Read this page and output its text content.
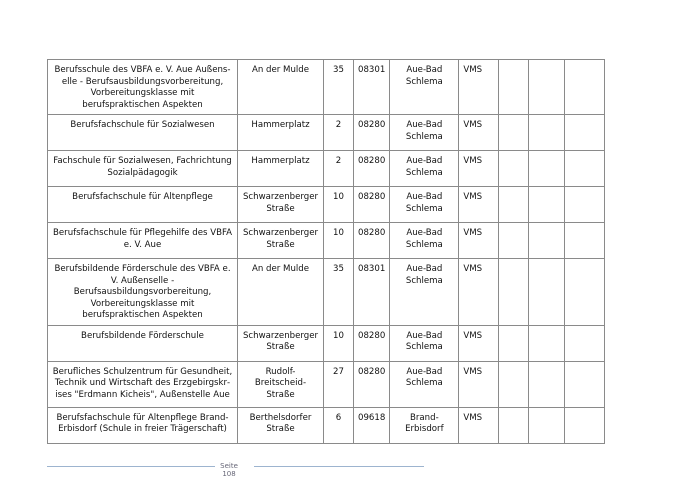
Berufsschule des VBFA e. V. Aue Außenselle - Berufsausbildungsvorbereitung, Vorbereitungsklasse mit berufspraktischen Aspekten	An der Mulde	35	08301	Aue-Bad Schlema	VMS			
Berufsfachschule für Sozialwesen	Hammerplatz	2	08280	Aue-Bad Schlema	VMS			
Fachschule für Sozialwesen, Fachrichtung Sozialpädagogik	Hammerplatz	2	08280	Aue-Bad Schlema	VMS			
Berufsfachschule für Altenpflege	Schwarzenberger Straße	10	08280	Aue-Bad Schlema	VMS			
Berufsfachschule für Pflegehilfe des VBFA e. V. Aue	Schwarzenberger Straße	10	08280	Aue-Bad Schlema	VMS			
Berufsbildende Förderschule des VBFA e. V. Außenselle - Berufsausbildungsvorbereitung, Vorbereitungsklasse mit berufspraktischen Aspekten	An der Mulde	35	08301	Aue-Bad Schlema	VMS			
Berufsbildende Förderschule	Schwarzenberger Straße	10	08280	Aue-Bad Schlema	VMS			
Berufliches Schulzentrum für Gesundheit, Technik und Wirtschaft des Erzgebirgskrises "Erdmann Kicheis", Außenstelle Aue	Rudolf-Breitscheid-Straße	27	08280	Aue-Bad Schlema	VMS			
Berufsfachschule für Altenpflege Brand-Erbisdorf (Schule in freier Trägerschaft)	Berthelsdorfer Straße	6	09618	Brand-Erbisdorf	VMS			
Seite
108
